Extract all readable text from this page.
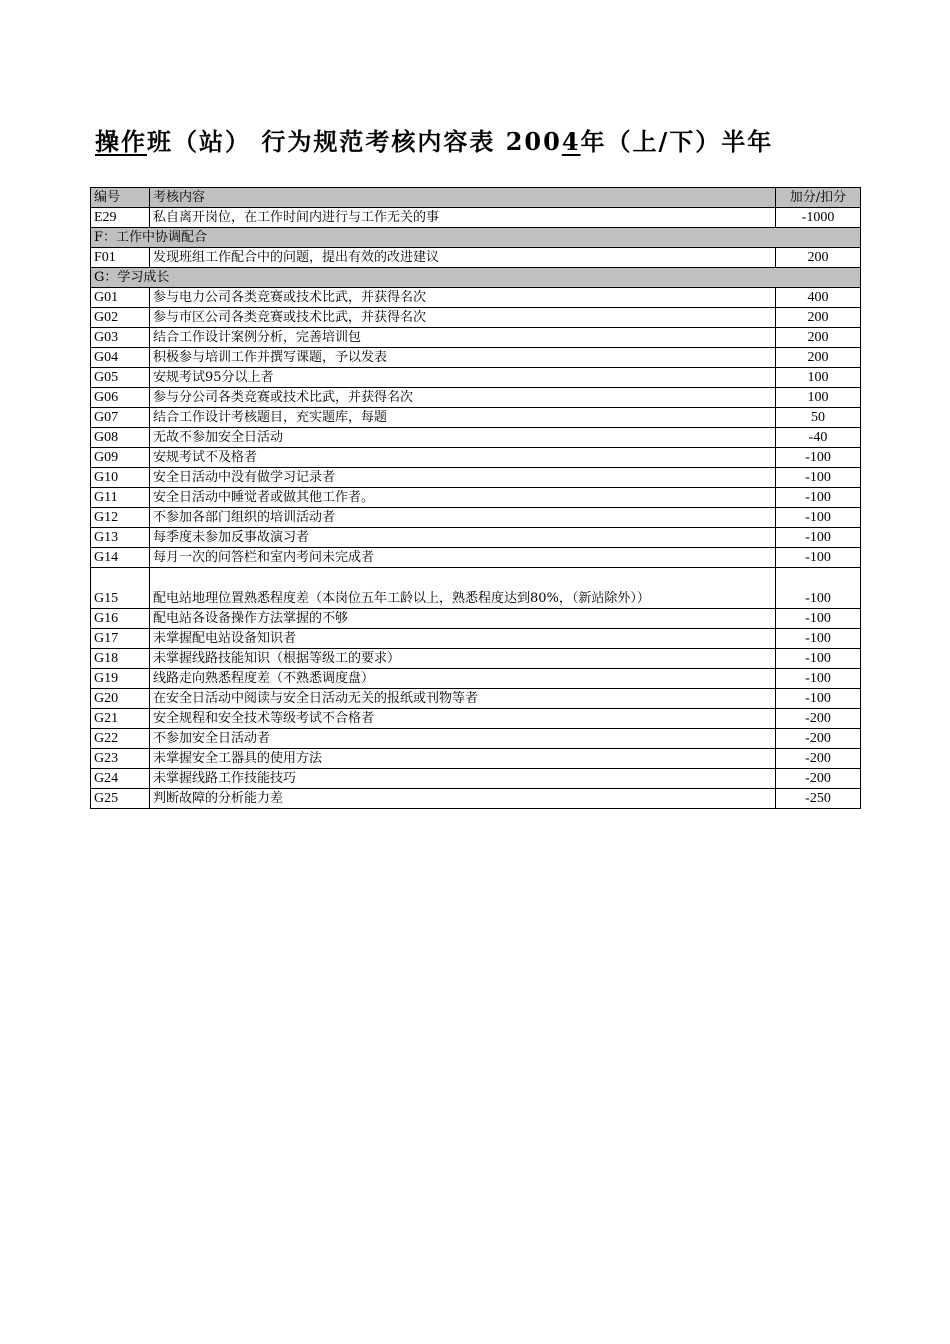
操作班（站） 行为规范考核内容表 2004年（上/下）半年
编号	考核内容	加分/扣分
E29	私自离开岗位，在工作时间内进行与工作无关的事	-1000
F：工作中协调配合		
F01	发现班组工作配合中的问题，提出有效的改进建议	200
G：学习成长		
G01	参与电力公司各类竞赛或技术比武，并获得名次	400
G02	参与市区公司各类竞赛或技术比武，并获得名次	200
G03	结合工作设计案例分析，完善培训包	200
G04	积极参与培训工作并撰写课题，予以发表	200
G05	安规考试95分以上者	100
G06	参与分公司各类竞赛或技术比武，并获得名次	100
G07	结合工作设计考核题目，充实题库，每题	50
G08	无故不参加安全日活动	-40
G09	安规考试不及格者	-100
G10	安全日活动中没有做学习记录者	-100
G11	安全日活动中睡觉者或做其他工作者。	-100
G12	不参加各部门组织的培训活动者	-100
G13	每季度未参加反事故演习者	-100
G14	每月一次的问答栏和室内考问未完成者	-100
G15	配电站地理位置熟悉程度差（本岗位五年工龄以上，熟悉程度达到80%，（新站除外））	-100
G16	配电站各设备操作方法掌握的不够	-100
G17	未掌握配电站设备知识者	-100
G18	未掌握线路技能知识（根据等级工的要求）	-100
G19	线路走向熟悉程度差（不熟悉调度盘）	-100
G20	在安全日活动中阅读与安全日活动无关的报纸或刊物等者	-100
G21	安全规程和安全技术等级考试不合格者	-200
G22	不参加安全日活动者	-200
G23	未掌握安全工器具的使用方法	-200
G24	未掌握线路工作技能技巧	-200
G25	判断故障的分析能力差	-250
